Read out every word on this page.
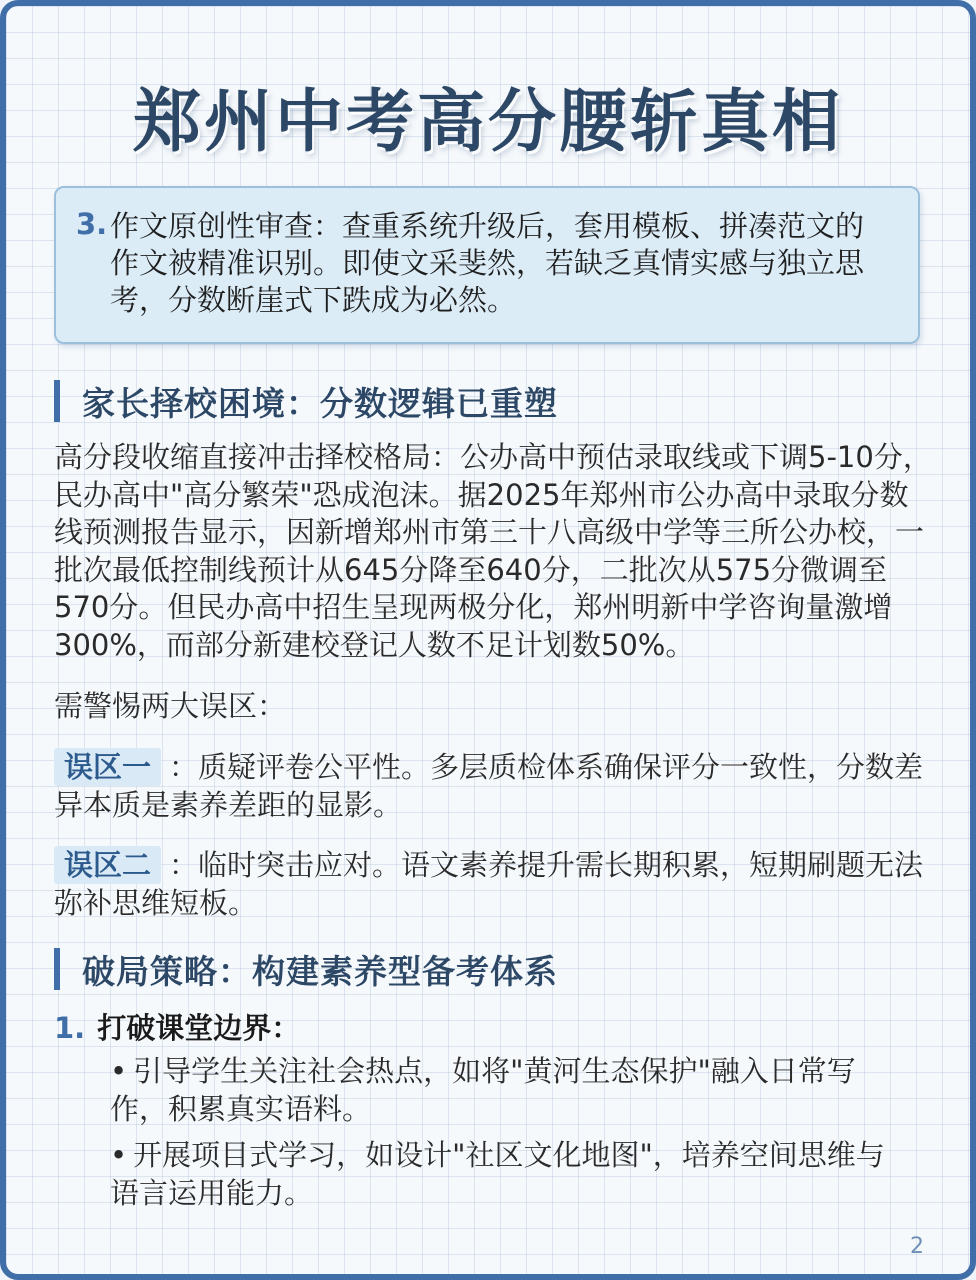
郑州中考高分腰斩真相
3. 作文原创性审查：查重系统升级后，套用模板、拼凑范文的作文被精准识别。即使文采斐然，若缺乏真情实感与独立思考，分数断崖式下跌成为必然。
家长择校困境：分数逻辑已重塑
高分段收缩直接冲击择校格局：公办高中预估录取线或下调5-10分，民办高中"高分繁荣"恐成泡沫。据2025年郑州市公办高中录取分数线预测报告显示，因新增郑州市第三十八高级中学等三所公办校，一批次最低控制线预计从645分降至640分，二批次从575分微调至570分。但民办高中招生呈现两极分化，郑州明新中学咨询量激增300%，而部分新建校登记人数不足计划数50%。
需警惕两大误区：
误区一 ：质疑评卷公平性。多层质检体系确保评分一致性，分数差异本质是素养差距的显影。
误区二 ：临时突击应对。语文素养提升需长期积累，短期刷题无法弥补思维短板。
破局策略：构建素养型备考体系
1. 打破课堂边界：
• 引导学生关注社会热点，如将"黄河生态保护"融入日常写作，积累真实语料。
• 开展项目式学习，如设计"社区文化地图"，培养空间思维与语言运用能力。
2
